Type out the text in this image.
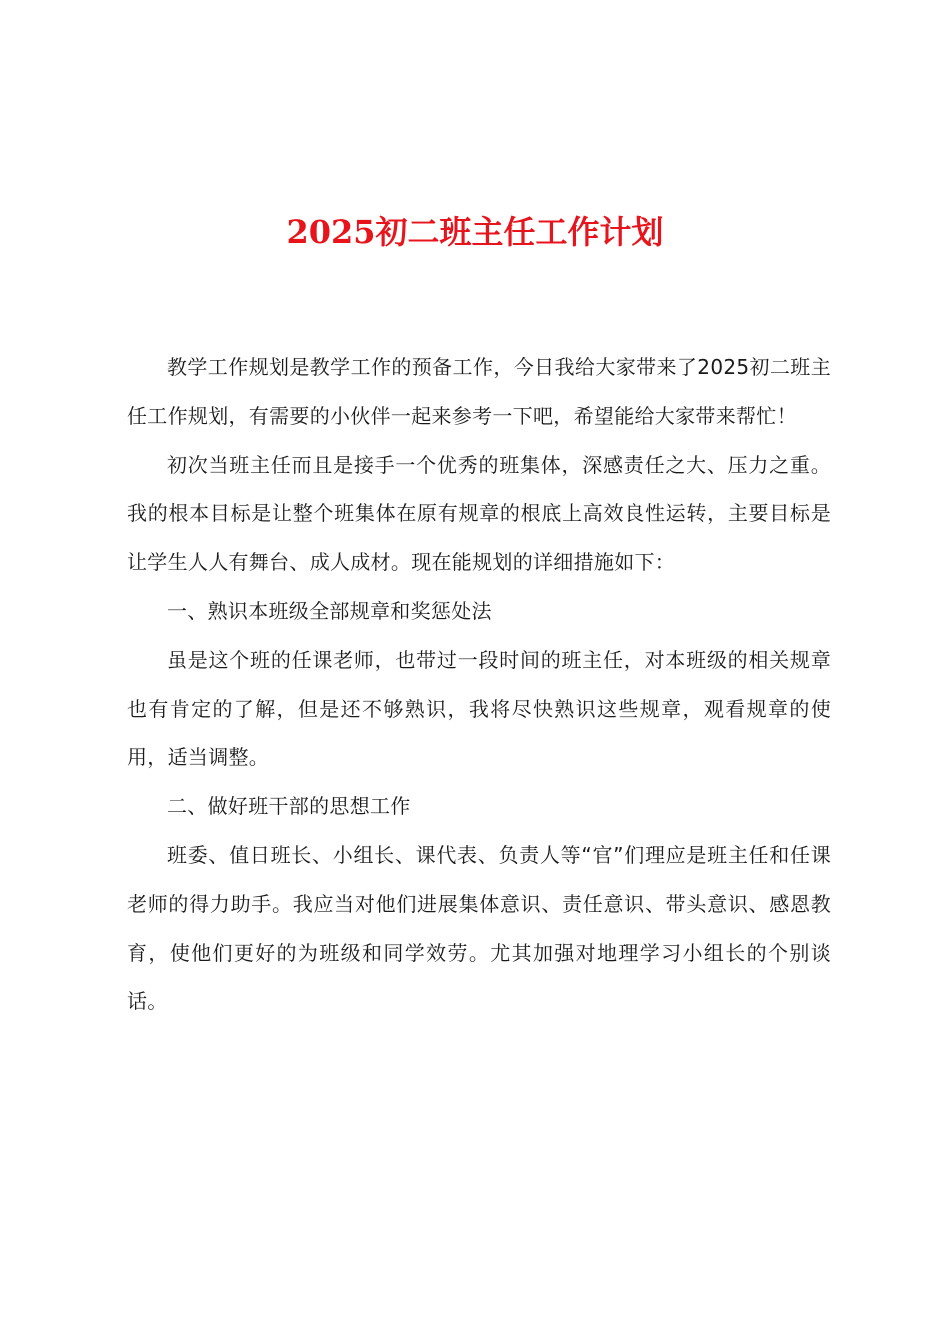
2025初二班主任工作计划

教学工作规划是教学工作的预备工作，今日我给大家带来了2025初二班主任工作规划，有需要的小伙伴一起来参考一下吧，希望能给大家带来帮忙！

初次当班主任而且是接手一个优秀的班集体，深感责任之大、压力之重。我的根本目标是让整个班集体在原有规章的根底上高效良性运转，主要目标是让学生人人有舞台、成人成材。现在能规划的详细措施如下：

一、熟识本班级全部规章和奖惩处法

虽是这个班的任课老师，也带过一段时间的班主任，对本班级的相关规章也有肯定的了解，但是还不够熟识，我将尽快熟识这些规章，观看规章的使用，适当调整。

二、做好班干部的思想工作

班委、值日班长、小组长、课代表、负责人等“官”们理应是班主任和任课老师的得力助手。我应当对他们进展集体意识、责任意识、带头意识、感恩教育，使他们更好的为班级和同学效劳。尤其加强对地理学习小组长的个别谈话。
